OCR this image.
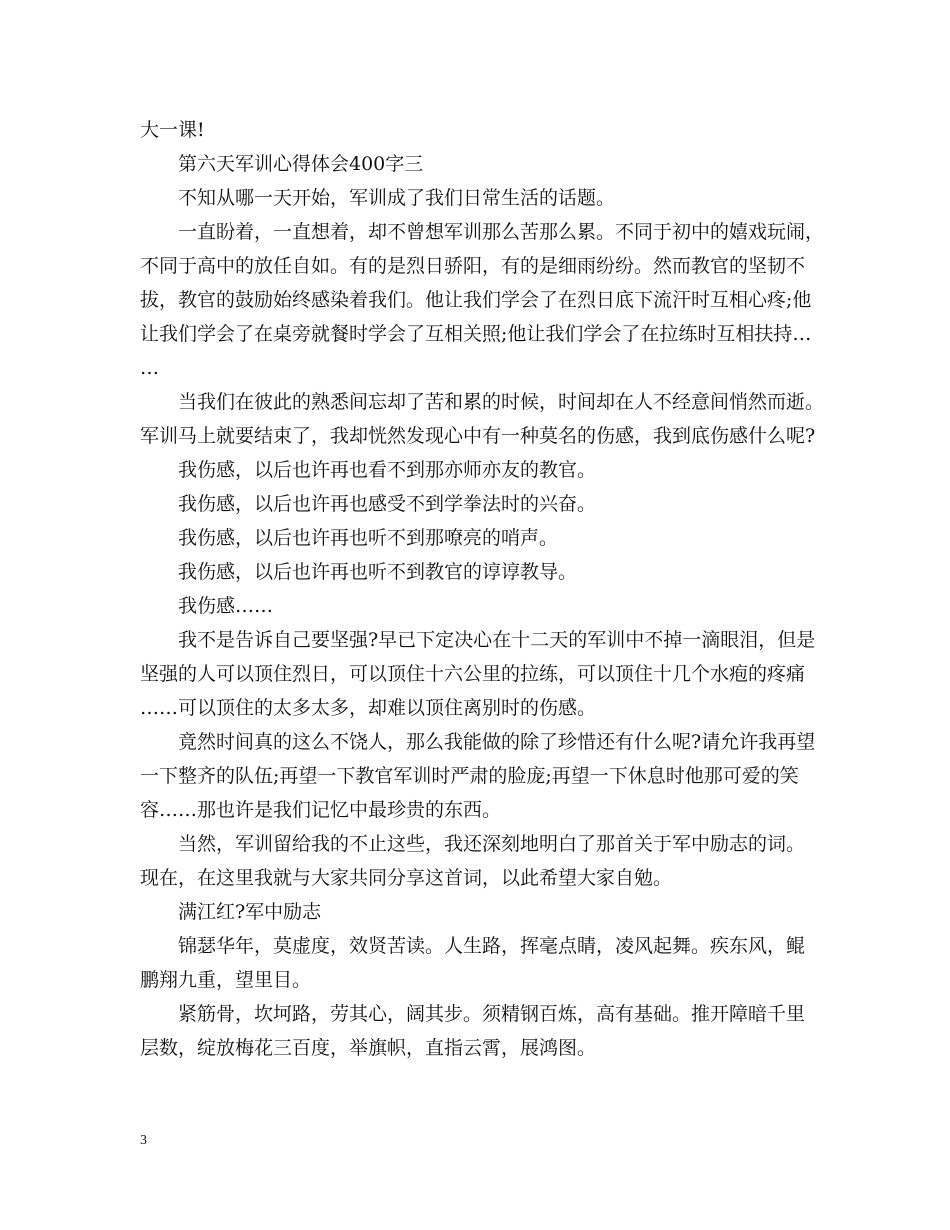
大一课!
第六天军训心得体会400字三
不知从哪一天开始，军训成了我们日常生活的话题。
一直盼着，一直想着，却不曾想军训那么苦那么累。不同于初中的嬉戏玩闹，
不同于高中的放任自如。有的是烈日骄阳，有的是细雨纷纷。然而教官的坚韧不
拔，教官的鼓励始终感染着我们。他让我们学会了在烈日底下流汗时互相心疼;他
让我们学会了在桌旁就餐时学会了互相关照;他让我们学会了在拉练时互相扶持…
…
当我们在彼此的熟悉间忘却了苦和累的时候，时间却在人不经意间悄然而逝。
军训马上就要结束了，我却恍然发现心中有一种莫名的伤感，我到底伤感什么呢?
我伤感，以后也许再也看不到那亦师亦友的教官。
我伤感，以后也许再也感受不到学拳法时的兴奋。
我伤感，以后也许再也听不到那嘹亮的哨声。
我伤感，以后也许再也听不到教官的谆谆教导。
我伤感……
我不是告诉自己要坚强?早已下定决心在十二天的军训中不掉一滴眼泪，但是
坚强的人可以顶住烈日，可以顶住十六公里的拉练，可以顶住十几个水疱的疼痛
……可以顶住的太多太多，却难以顶住离别时的伤感。
竟然时间真的这么不饶人，那么我能做的除了珍惜还有什么呢?请允许我再望
一下整齐的队伍;再望一下教官军训时严肃的脸庞;再望一下休息时他那可爱的笑
容……那也许是我们记忆中最珍贵的东西。
当然，军训留给我的不止这些，我还深刻地明白了那首关于军中励志的词。
现在，在这里我就与大家共同分享这首词，以此希望大家自勉。
满江红?军中励志
锦瑟华年，莫虚度，效贤苦读。人生路，挥毫点睛，凌风起舞。疾东风，鲲
鹏翔九重，望里目。
紧筋骨，坎坷路，劳其心，阔其步。须精钢百炼，高有基础。推开障暗千里
层数，绽放梅花三百度，举旗帜，直指云霄，展鸿图。
3
